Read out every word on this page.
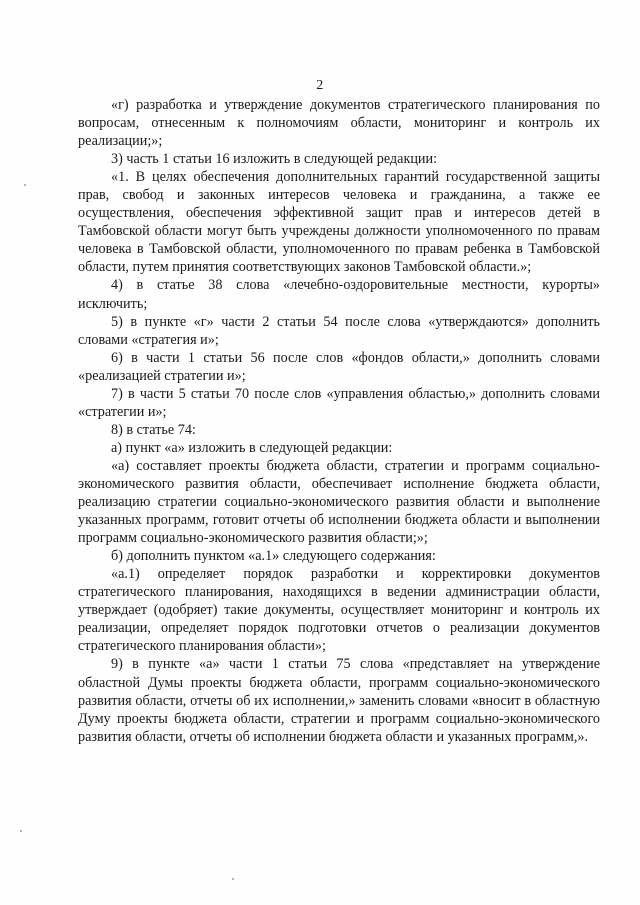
2

«г) разработка и утверждение документов стратегического планирования по вопросам, отнесенным к полномочиям области, мониторинг и контроль их реализации;»;

3) часть 1 статьи 16 изложить в следующей редакции:

«1. В целях обеспечения дополнительных гарантий государственной защиты прав, свобод и законных интересов человека и гражданина, а также ее осуществления, обеспечения эффективной защит прав и интересов детей в Тамбовской области могут быть учреждены должности уполномоченного по правам человека в Тамбовской области, уполномоченного по правам ребенка в Тамбовской области, путем принятия соответствующих законов Тамбовской области.»;

4) в статье 38 слова «лечебно-оздоровительные местности, курорты» исключить;

5) в пункте «г» части 2 статьи 54 после слова «утверждаются» дополнить словами «стратегия и»;

6) в части 1 статьи 56 после слов «фондов области,» дополнить словами «реализацией стратегии и»;

7) в части 5 статьи 70 после слов «управления областью,» дополнить словами «стратегии и»;

8) в статье 74:

а) пункт «а» изложить в следующей редакции:

«а) составляет проекты бюджета области, стратегии и программ социально-экономического развития области, обеспечивает исполнение бюджета области, реализацию стратегии социально-экономического развития области и выполнение указанных программ, готовит отчеты об исполнении бюджета области и выполнении программ социально-экономического развития области;»;

б) дополнить пунктом «а.1» следующего содержания:

«а.1) определяет порядок разработки и корректировки документов стратегического планирования, находящихся в ведении администрации области, утверждает (одобряет) такие документы, осуществляет мониторинг и контроль их реализации, определяет порядок подготовки отчетов о реализации документов стратегического планирования области»;

9) в пункте «а» части 1 статьи 75 слова «представляет на утверждение областной Думы проекты бюджета области, программ социально-экономического развития области, отчеты об их исполнении,» заменить словами «вносит в областную Думу проекты бюджета области, стратегии и программ социально-экономического развития области, отчеты об исполнении бюджета области и указанных программ,».
